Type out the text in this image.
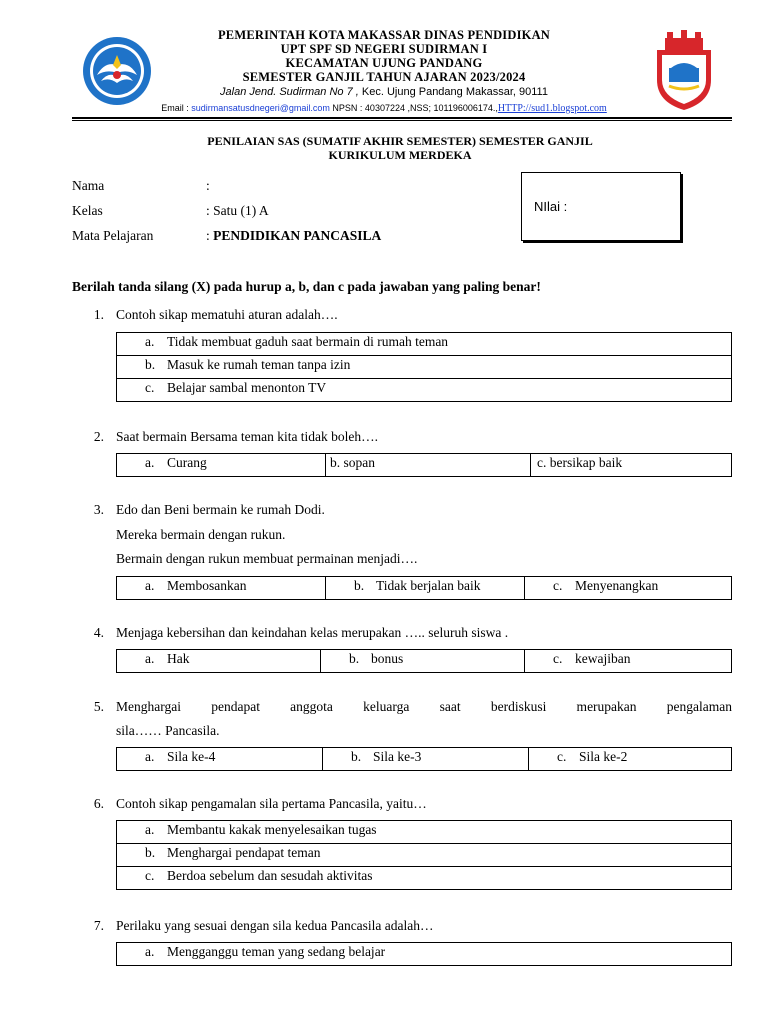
PEMERINTAH KOTA MAKASSAR DINAS PENDIDIKAN
UPT SPF SD NEGERI SUDIRMAN I
KECAMATAN UJUNG PANDANG
SEMESTER GANJIL TAHUN AJARAN 2023/2024
Jalan Jend. Sudirman No 7 , Kec. Ujung Pandang Makassar, 90111
Email : sudirmansatusdnegeri@gmail.com NPSN : 40307224 ,NSS; 101196006174.,HTTP://sud1.blogspot.com
PENILAIAN SAS (SUMATIF AKHIR SEMESTER) SEMESTER GANJIL
KURIKULUM MERDEKA
Nama	:
Kelas	: Satu (1) A
Mata Pelajaran	: PENDIDIKAN PANCASILA
NIlai :
Berilah tanda silang (X) pada hurup a, b, dan c pada jawaban yang paling benar!
1. Contoh sikap mematuhi aturan adalah….
a. Tidak membuat gaduh saat bermain di rumah teman
b. Masuk ke rumah teman tanpa izin
c. Belajar sambal menonton TV
2. Saat bermain Bersama teman kita tidak boleh….
a. Curang	b. sopan	c. bersikap baik
3. Edo dan Beni bermain ke rumah Dodi.
Mereka bermain dengan rukun.
Bermain dengan rukun membuat permainan menjadi….
a. Membosankan	b. Tidak berjalan baik	c. Menyenangkan
4. Menjaga kebersihan dan keindahan kelas merupakan ….. seluruh siswa .
a. Hak	b. bonus	c. kewajiban
5. Menghargai pendapat anggota keluarga saat berdiskusi merupakan pengalaman
sila…… Pancasila.
a. Sila ke-4	b. Sila ke-3	c. Sila ke-2
6. Contoh sikap pengamalan sila pertama Pancasila, yaitu…
a. Membantu kakak menyelesaikan tugas
b. Menghargai pendapat teman
c. Berdoa sebelum dan sesudah aktivitas
7. Perilaku yang sesuai dengan sila kedua Pancasila adalah…
a. Mengganggu teman yang sedang belajar
